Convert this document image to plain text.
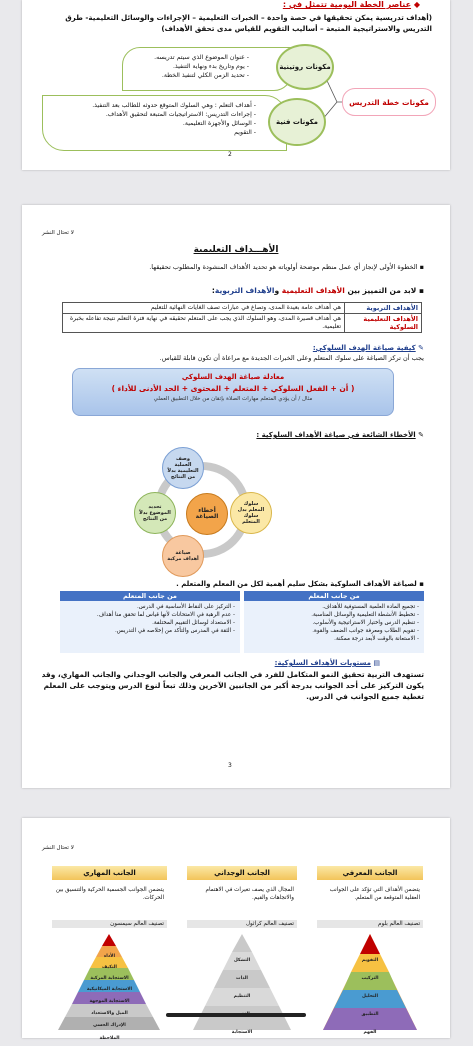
◆ عناصر الخطة اليومية تتمثل في :
(أهداف تدريسية يمكن تحقيقها في حصة واحدة – الخبرات التعليمية – الإجراءات والوسائل التعليمية- طرق التدريس والاستراتيجية المتبعة – أساليب التقويم للقياس مدى تحقق الأهداف)
- عنوان الموضوع الذي سيتم تدريسه.
- يوم وتاريخ بدء ونهاية التنفيذ.
- تحديد الزمن الكلي لتنفيذ الخطة.
مكونات روتينية
- أهداف التعلم : وهي السلوك المتوقع حدوثه للطالب بعد التنفيذ.
- إجراءات التدريس: الاستراتيجيات المتبعة لتحقيق الأهداف.
- الوسائل والأجهزة التعليمية.
- التقويم
مكونات فنية
مكونات خطة التدريس
2
لا تحتال النشر
الأهـــداف التعليمية
▪ الخطوة الأولى لإنجاز أي عمل منظم موضحة أولوياته هو تحديد الأهداف المنشودة والمطلوب تحقيقها.
▪ لابد من التمييز بين الأهداف التعليمية والأهداف التربوية:
الأهداف التربوية	هي أهداف عامة بعيدة المدى، وتصاغ في عبارات تصف الغايات النهائية للتعليم
الأهداف التعليمية السلوكية	هي أهداف قصيرة المدى، وهو السلوك الذي يجب على المتعلم تحقيقه في نهاية فترة التعلم نتيجة تفاعله بخبرة تعليمية.
✎ كيفية صياغة الهدف السلوكي:
يجب أن تركز الصياغة على سلوك المتعلم وعلى الخبرات الجديدة مع مراعاة أن تكون قابلة للقياس.
معادلة صياغة الهدف السلوكي
( أن + الفعل السلوكي + المتعلم + المحتوى + الحد الأدنى للأداء )
مثال / أن يؤدي المتعلم مهارات الصلاة بإتقان من خلال التطبيق العملي
✎ الأخطاء الشائعة في صياغة الأهداف السلوكية :
وصف العملية التعليمية بدلاً من النتائج
سلوك المعلم بدل سلوك المتعلم
صياغة أهداف مركبة
تحديد الموضوع بدلاً من النتائج
أخطاء الصياغة
▪ لصياغة الأهداف السلوكية بشكل سليم أهمية لكل من المعلم والمتعلم .
من جانب المتعلم
- التركيز على النقاط الأساسية في الدرس.
- عدم الرهبة في الامتحانات لأنها قياس لما تحقق منا أهداف.
- الاستعداد لوسائل التقييم المختلفة.
- الثقة في المدرس والتأكد من إخلاصه في التدريس.
من جانب المعلم
- تجميع المادة العلمية المستوفية للأهداف.
- تخطيط الأنشطة التعليمية والوسائل المناسبة.
- تنظيم الدرس واختيار الاستراتيجية والأسلوب.
- تقويم الطلاب ومعرفة جوانب الضعف والقوة.
- الاستعانة بالوقت لأبعد درجة ممكنة.
▤ مستويات الأهداف السلوكية:
تستهدف التربية تحقيق النمو المتكامل للفرد في الجانب المعرفي والجانب الوجداني والجانب المهاري، وقد يكون التركيز على أحد الجوانب بدرجة أكبر من الجانبين الآخرين وذلك تبعاً لنوع الدرس ويتوجب على المعلم تغطية جميع الجوانب في الدرس.
3
لا تحتال النشر
الجانب المعرفي
يتضمن الأهداف التي تؤكد على الجوانب العقلية المتوقعة من المتعلم.
تصنيف العالم بلوم
التقويم
التركيب
التحليل
التطبيق
الفهم
الجانب الوجداني
المجال الذي يصف تغيرات في الاهتمام والاتجاهات والقيم.
تصنيف العالم كراثول
التشكل
الذات
التنظيم
الاستجابة
الجانب المهاري
يتضمن الجوانب الجسمية الحركية والتنسيق بين الحركات.
تصنيف العالم سيمسون
الأداء
التكيف
الاستجابة المركبة
الاستجابة الميكانيكية
الاستجابة الموجهة
الميل والاستعداد
الإدراك الحسي
الملاحظة
